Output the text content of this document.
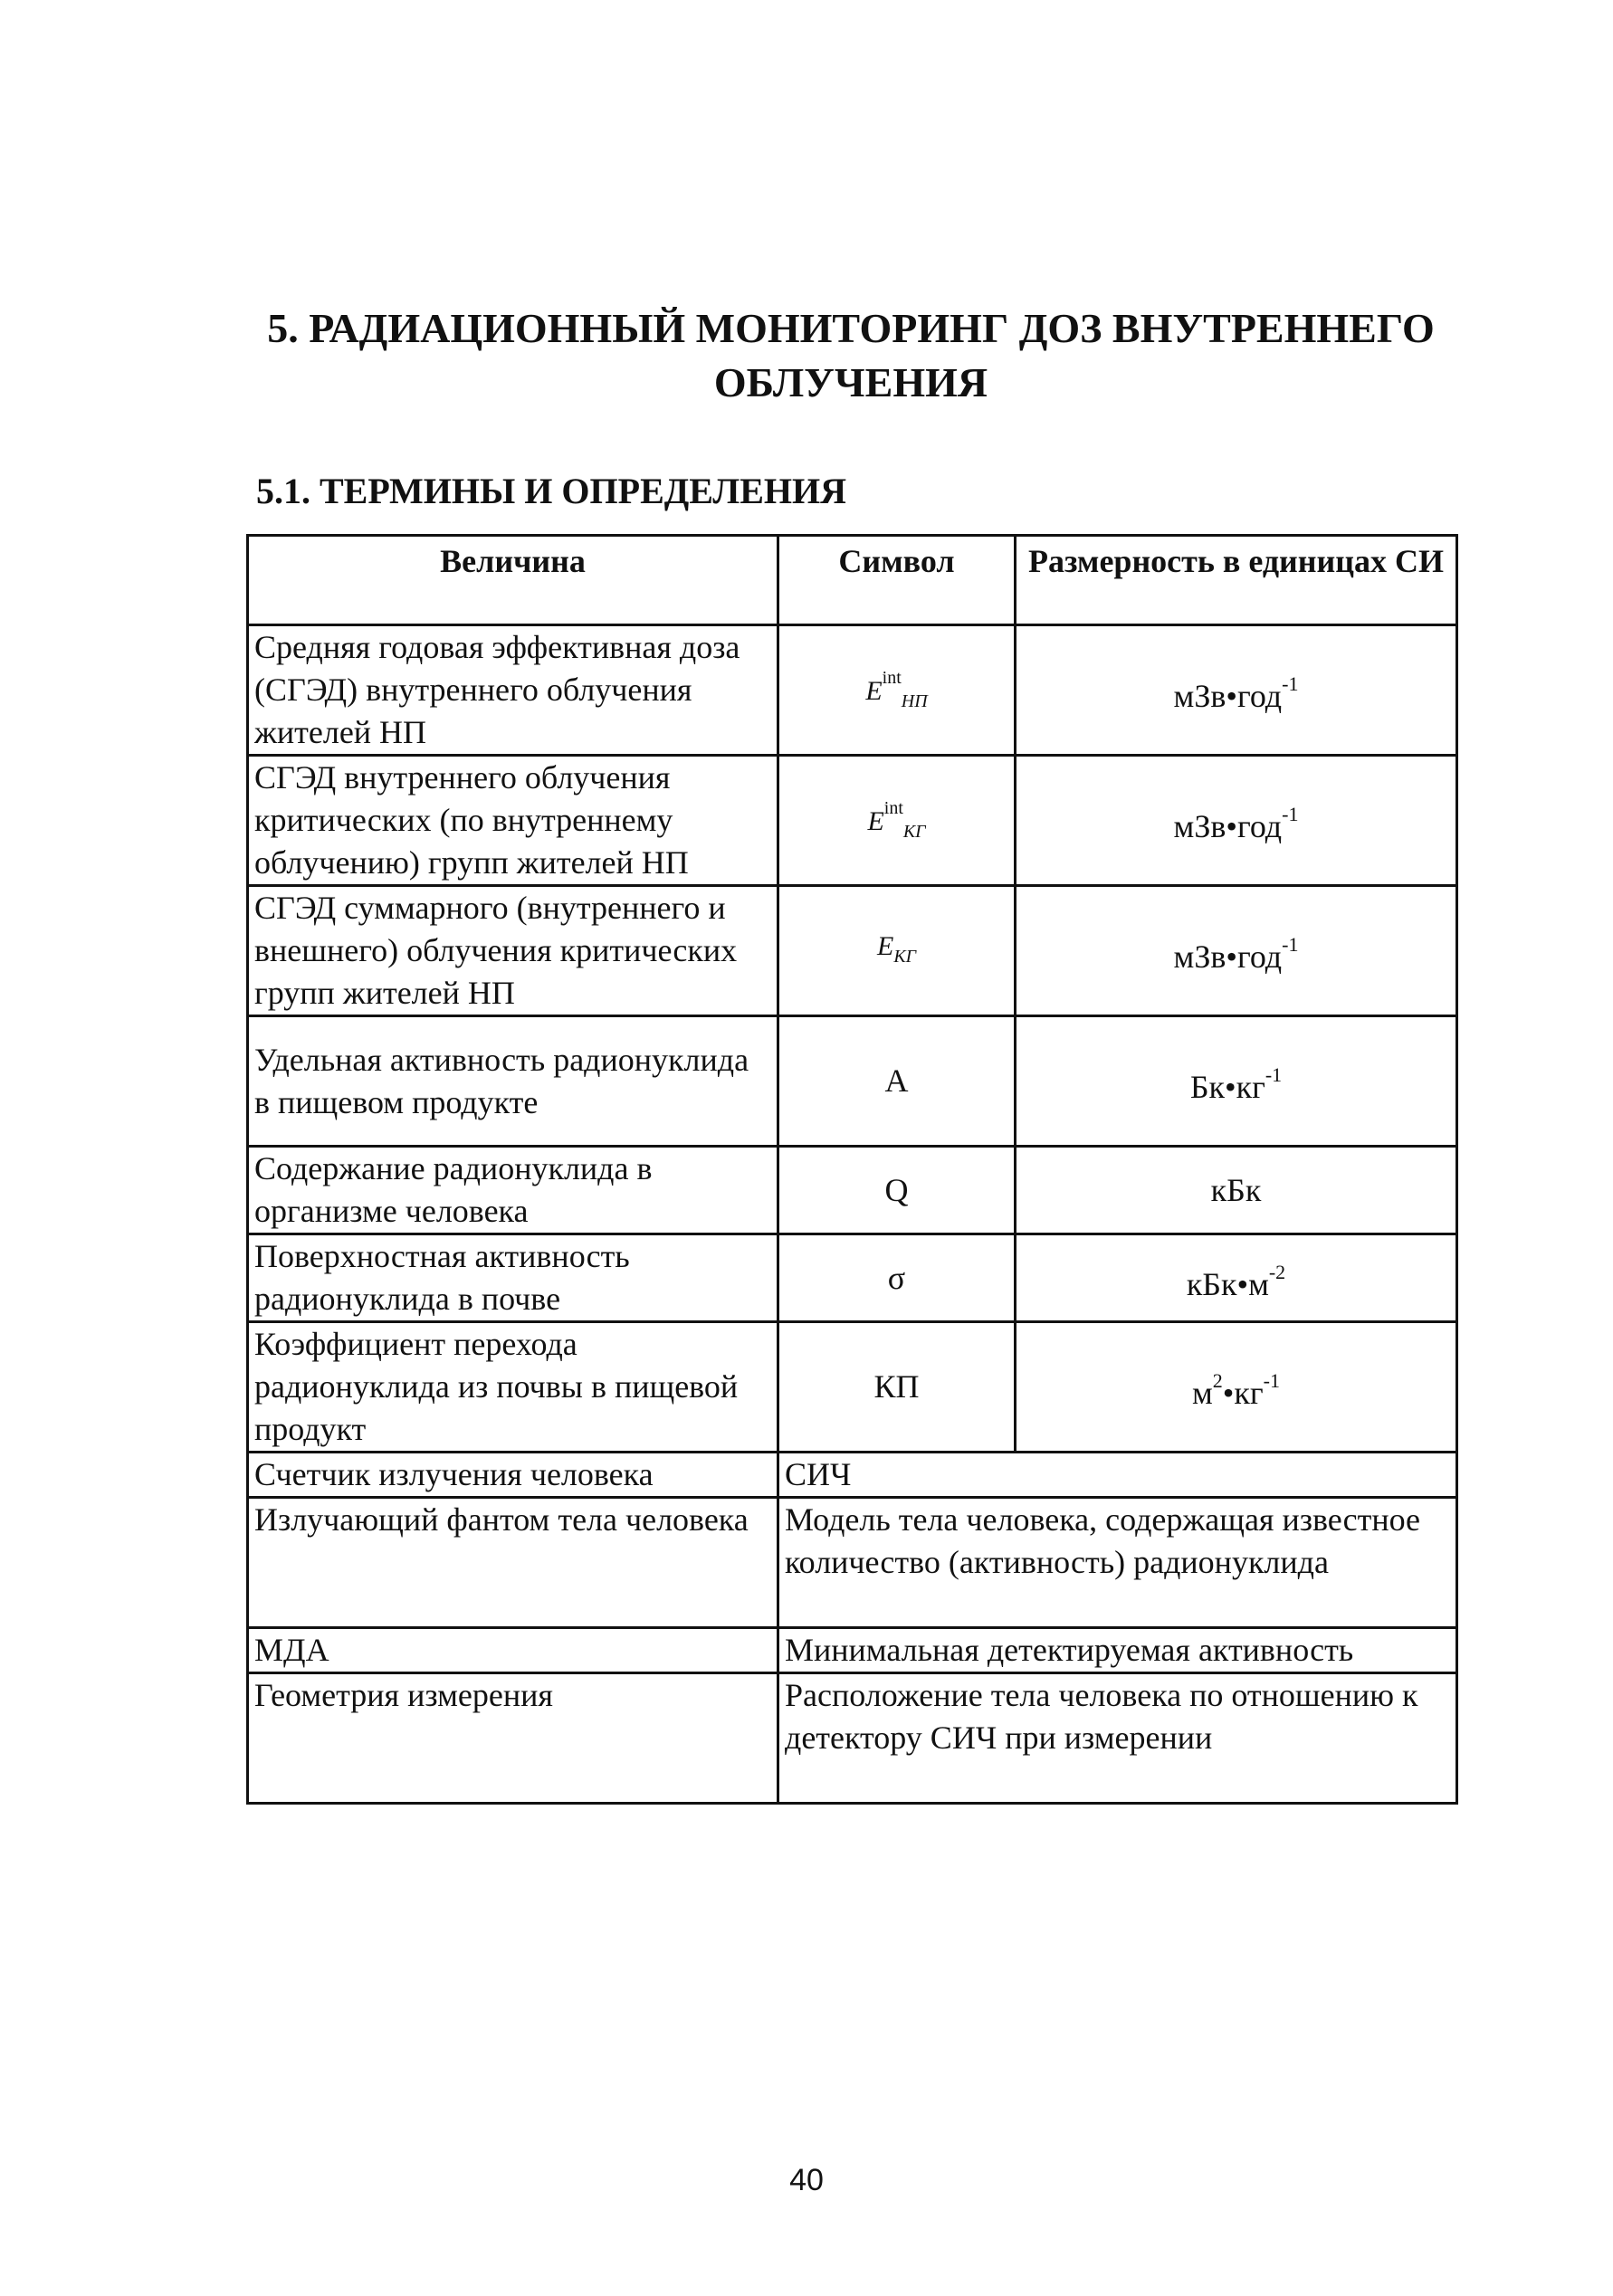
5. РАДИАЦИОННЫЙ МОНИТОРИНГ ДОЗ ВНУТРЕННЕГО

ОБЛУЧЕНИЯ

5.1. ТЕРМИНЫ И ОПРЕДЕЛЕНИЯ

Величина	Символ	Размерность в единицах СИ
Средняя годовая эффективная доза (СГЭД) внутреннего облучения жителей НП	$E^{int}_{НП}$	мЗв•год$^{-1}$
СГЭД внутреннего облучения критических (по внутреннему облучению) групп жителей НП	$E^{int}_{КГ}$	мЗв•год$^{-1}$
СГЭД суммарного (внутреннего и внешнего) облучения критических групп жителей НП	$E_{КГ}$	мЗв•год$^{-1}$
Удельная активность радионуклида в пищевом продукте	A	$Бк•кг^{-1}$
Содержание радионуклида в организме человека	Q	кБк
Поверхностная активность радионуклида в почве	σ	$кБк•м^{-2}$
Коэффициент перехода радионуклида из почвы в пищевой продукт	КП	$м^2•кг^{-1}$
Счетчик излучения человека	СИЧ	
Излучающий фантом тела человека	Модель тела человека, содержащая известное количество (активность) радионуклида	
МДА	Минимальная детектируемая активность	
Геометрия измерения	Расположение тела человека по отношению к детектору СИЧ при измерении	

40
